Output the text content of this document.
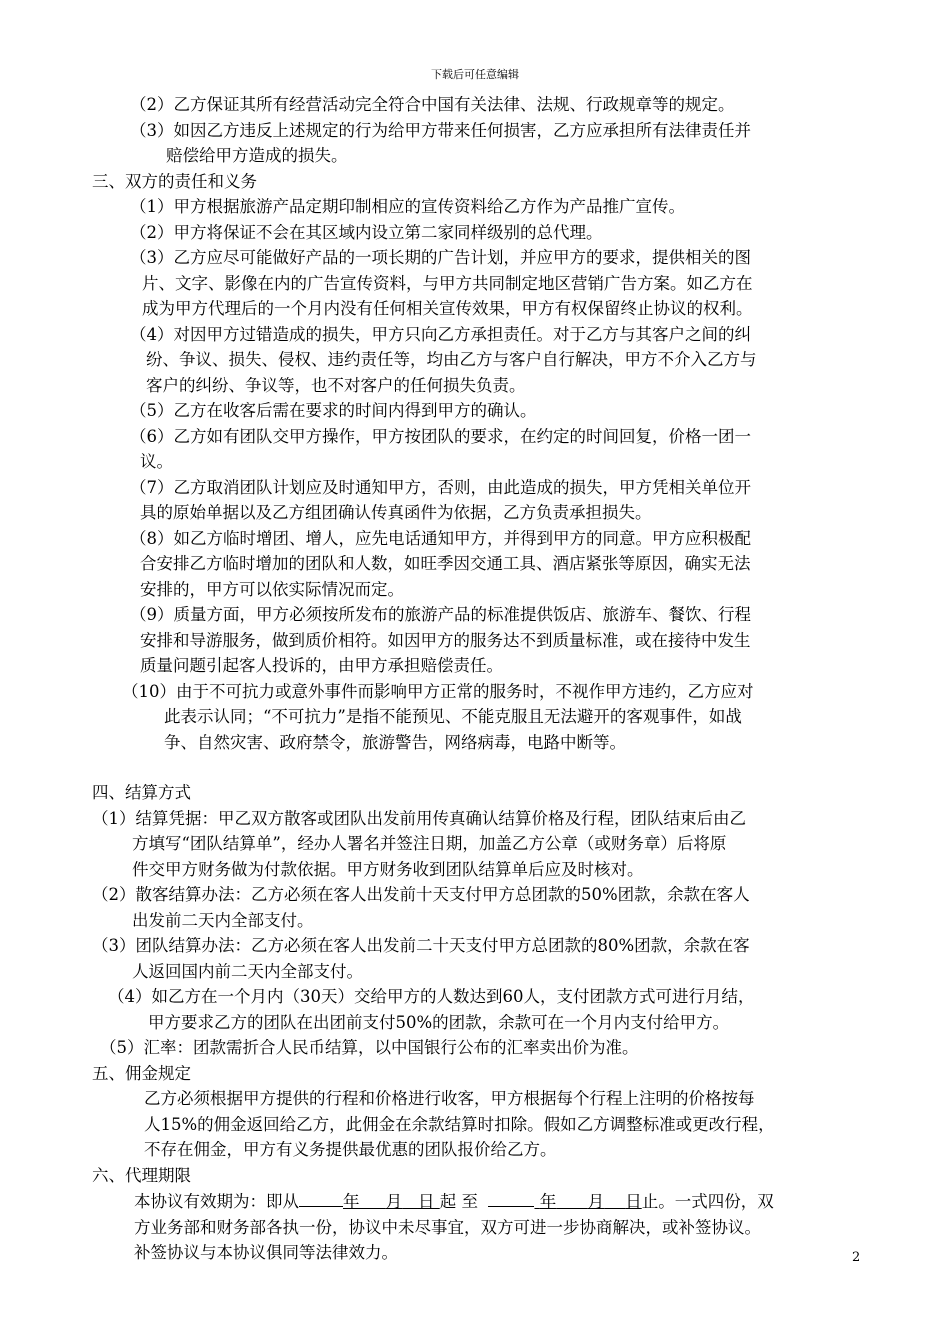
下载后可任意编辑

（2）乙方保证其所有经营活动完全符合中国有关法律、法规、行政规章等的规定。

（3）如因乙方违反上述规定的行为给甲方带来任何损害，乙方应承担所有法律责任并

赔偿给甲方造成的损失。

三、双方的责任和义务

（1）甲方根据旅游产品定期印制相应的宣传资料给乙方作为产品推广宣传。

（2）甲方将保证不会在其区域内设立第二家同样级别的总代理。

（3）乙方应尽可能做好产品的一项长期的广告计划，并应甲方的要求，提供相关的图

片、文字、影像在内的广告宣传资料，与甲方共同制定地区营销广告方案。如乙方在

成为甲方代理后的一个月内没有任何相关宣传效果，甲方有权保留终止协议的权利。

（4）对因甲方过错造成的损失，甲方只向乙方承担责任。对于乙方与其客户之间的纠

纷、争议、损失、侵权、违约责任等，均由乙方与客户自行解决，甲方不介入乙方与

客户的纠纷、争议等，也不对客户的任何损失负责。

（5）乙方在收客后需在要求的时间内得到甲方的确认。

（6）乙方如有团队交甲方操作，甲方按团队的要求，在约定的时间回复，价格一团一

议。

（7）乙方取消团队计划应及时通知甲方，否则，由此造成的损失，甲方凭相关单位开

具的原始单据以及乙方组团确认传真函件为依据，乙方负责承担损失。

（8）如乙方临时增团、增人，应先电话通知甲方，并得到甲方的同意。甲方应积极配

合安排乙方临时增加的团队和人数，如旺季因交通工具、酒店紧张等原因，确实无法

安排的，甲方可以依实际情况而定。

（9）质量方面，甲方必须按所发布的旅游产品的标准提供饭店、旅游车、餐饮、行程

安排和导游服务，做到质价相符。如因甲方的服务达不到质量标准，或在接待中发生

质量问题引起客人投诉的，由甲方承担赔偿责任。

（10）由于不可抗力或意外事件而影响甲方正常的服务时，不视作甲方违约，乙方应对

此表示认同；“不可抗力”是指不能预见、不能克服且无法避开的客观事件，如战

争、自然灾害、政府禁令，旅游警告，网络病毒，电路中断等。

四、结算方式

（1）结算凭据：甲乙双方散客或团队出发前用传真确认结算价格及行程，团队结束后由乙

方填写“团队结算单”，经办人署名并签注日期，加盖乙方公章（或财务章）后将原

件交甲方财务做为付款依据。甲方财务收到团队结算单后应及时核对。

（2）散客结算办法：乙方必须在客人出发前十天支付甲方总团款的50%团款，余款在客人

出发前二天内全部支付。

（3）团队结算办法：乙方必须在客人出发前二十天支付甲方总团款的80%团款，余款在客

人返回国内前二天内全部支付。

（4）如乙方在一个月内（30天）交给甲方的人数达到60人，支付团款方式可进行月结，

甲方要求乙方的团队在出团前支付50%的团款，余款可在一个月内支付给甲方。

（5）汇率：团款需折合人民币结算，以中国银行公布的汇率卖出价为准。

五、佣金规定

乙方必须根据甲方提供的行程和价格进行收客，甲方根据每个行程上注明的价格按每

人15%的佣金返回给乙方，此佣金在余款结算时扣除。假如乙方调整标准或更改行程，

不存在佣金，甲方有义务提供最优惠的团队报价给乙方。

六、代理期限

本协议有效期为：即从	年 月 日 起 至	年 月 日止。一式四份，双

方业务部和财务部各执一份，协议中未尽事宜，双方可进一步协商解决，或补签协议。

补签协议与本协议俱同等法律效力。	2
